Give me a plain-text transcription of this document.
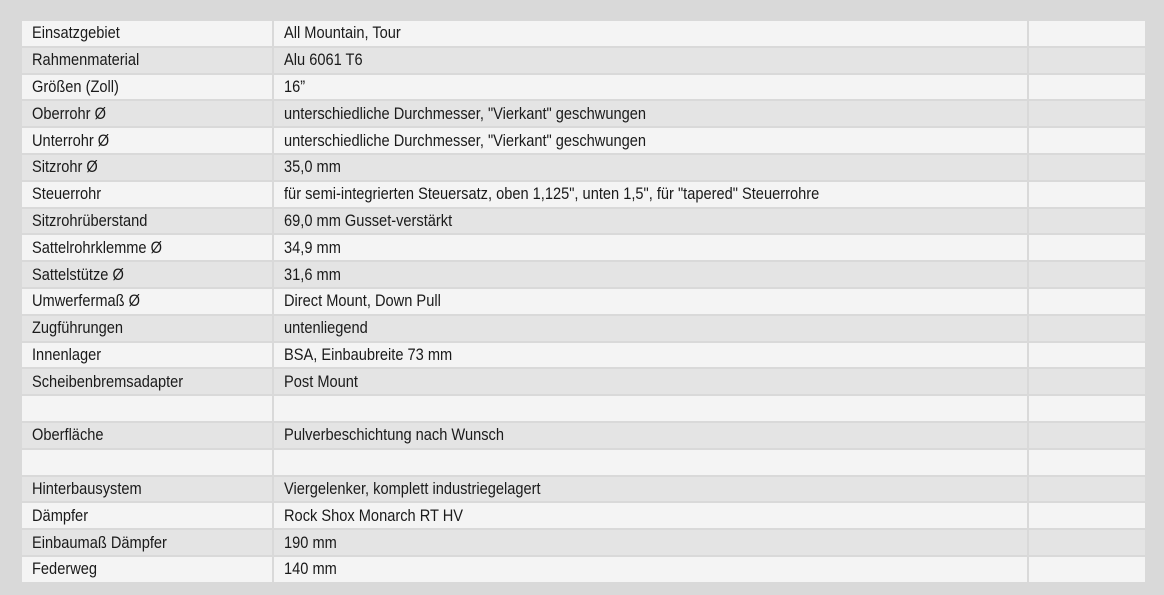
Einsatzgebiet	All Mountain, Tour	
Rahmenmaterial	Alu 6061 T6	
Größen (Zoll)	16”	
Oberrohr Ø	unterschiedliche Durchmesser, "Vierkant" geschwungen	
Unterrohr Ø	unterschiedliche Durchmesser, "Vierkant" geschwungen	
Sitzrohr Ø	35,0 mm	
Steuerrohr	für semi-integrierten Steuersatz, oben 1,125", unten 1,5", für "tapered" Steuerrohre	
Sitzrohrüberstand	69,0 mm Gusset-verstärkt	
Sattelrohrklemme Ø	34,9 mm	
Sattelstütze Ø	31,6 mm	
Umwerfermaß Ø	Direct Mount, Down Pull	
Zugführungen	untenliegend	
Innenlager	BSA, Einbaubreite 73 mm	
Scheibenbremsadapter	Post Mount	

Oberfläche	Pulverbeschichtung nach Wunsch	

Hinterbausystem	Viergelenker, komplett industriegelagert	
Dämpfer	Rock Shox Monarch RT HV	
Einbaumaß Dämpfer	190 mm	
Federweg	140 mm	
